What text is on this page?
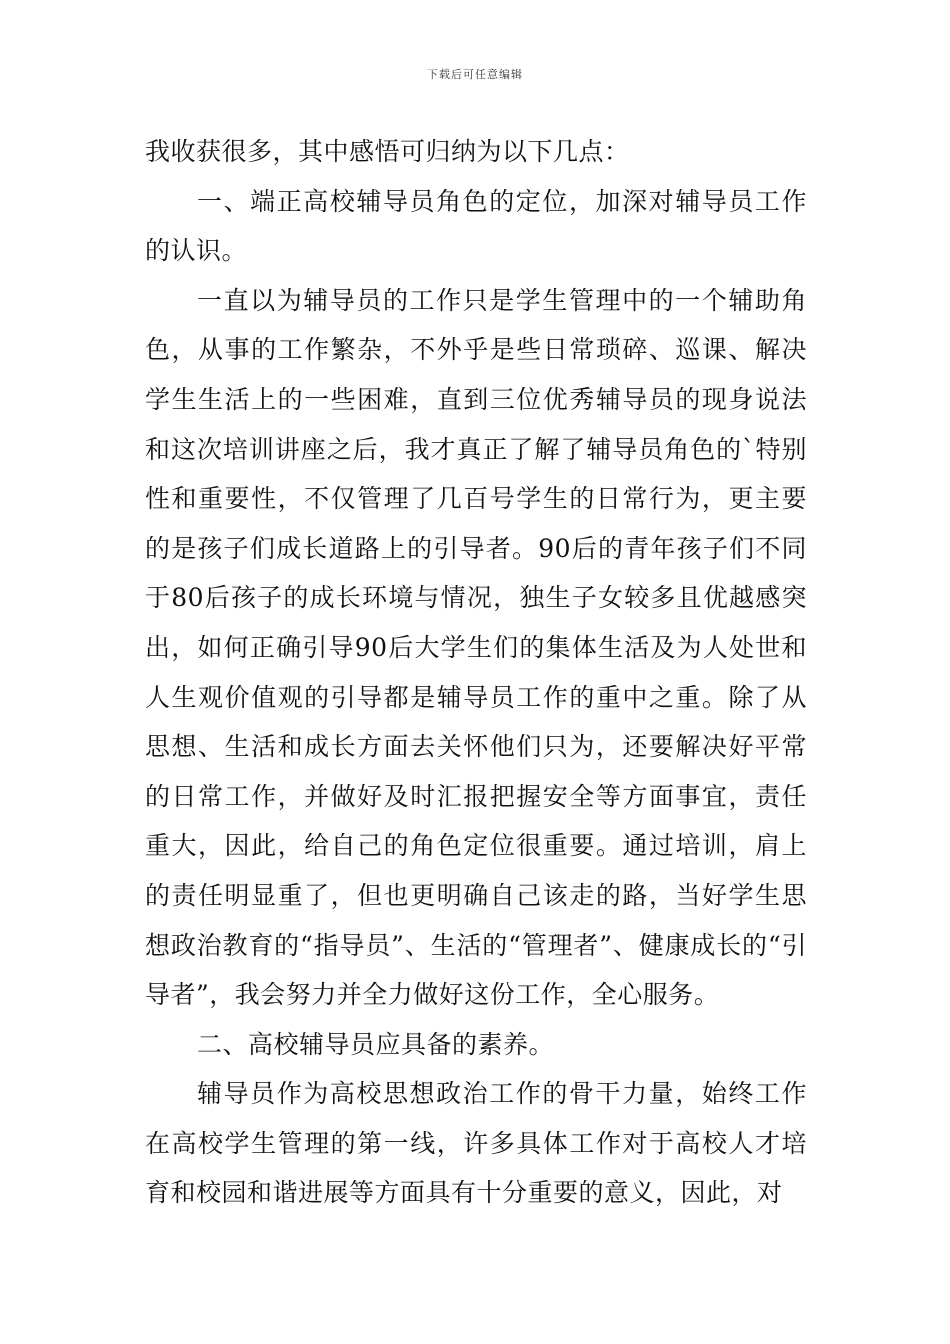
下载后可任意编辑

我收获很多，其中感悟可归纳为以下几点：

一、端正高校辅导员角色的定位，加深对辅导员工作的认识。

一直以为辅导员的工作只是学生管理中的一个辅助角色，从事的工作繁杂，不外乎是些日常琐碎、巡课、解决学生生活上的一些困难，直到三位优秀辅导员的现身说法和这次培训讲座之后，我才真正了解了辅导员角色的`特别性和重要性，不仅管理了几百号学生的日常行为，更主要的是孩子们成长道路上的引导者。90后的青年孩子们不同于80后孩子的成长环境与情况，独生子女较多且优越感突出，如何正确引导90后大学生们的集体生活及为人处世和人生观价值观的引导都是辅导员工作的重中之重。除了从思想、生活和成长方面去关怀他们只为，还要解决好平常的日常工作，并做好及时汇报把握安全等方面事宜，责任重大，因此，给自己的角色定位很重要。通过培训，肩上的责任明显重了，但也更明确自己该走的路，当好学生思想政治教育的“指导员”、生活的“管理者”、健康成长的“引导者”，我会努力并全力做好这份工作，全心服务。

二、高校辅导员应具备的素养。

辅导员作为高校思想政治工作的骨干力量，始终工作在高校学生管理的第一线，许多具体工作对于高校人才培育和校园和谐进展等方面具有十分重要的意义，因此，对
